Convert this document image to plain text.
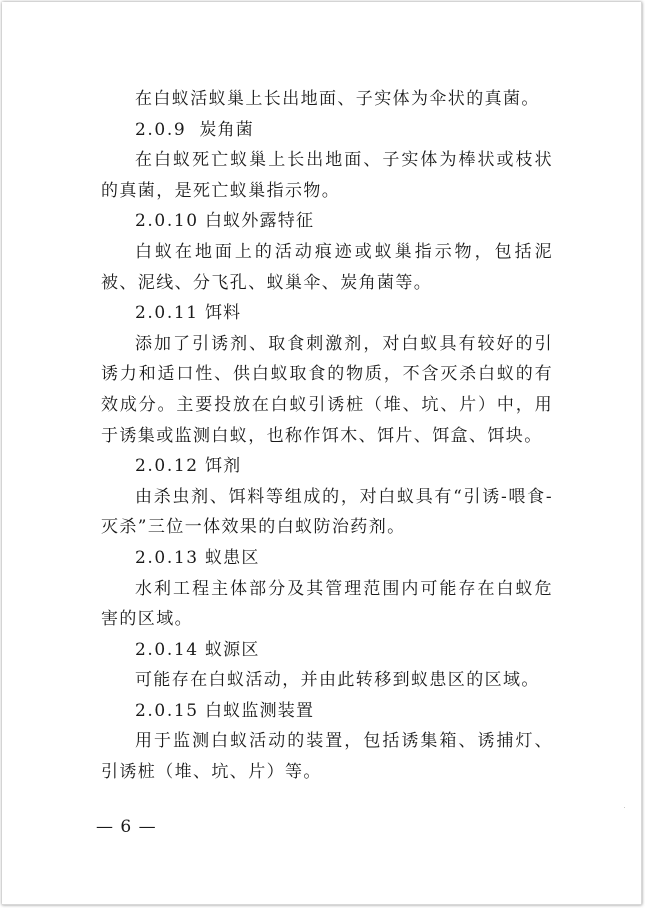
在白蚁活蚁巢上长出地面、子实体为伞状的真菌。
2.0.9 炭角菌
在白蚁死亡蚁巢上长出地面、子实体为棒状或枝状的真菌，是死亡蚁巢指示物。
2.0.10 白蚁外露特征
白蚁在地面上的活动痕迹或蚁巢指示物，包括泥被、泥线、分飞孔、蚁巢伞、炭角菌等。
2.0.11 饵料
添加了引诱剂、取食刺激剂，对白蚁具有较好的引诱力和适口性、供白蚁取食的物质，不含灭杀白蚁的有效成分。主要投放在白蚁引诱桩（堆、坑、片）中，用于诱集或监测白蚁，也称作饵木、饵片、饵盒、饵块。
2.0.12 饵剂
由杀虫剂、饵料等组成的，对白蚁具有“引诱-喂食-灭杀”三位一体效果的白蚁防治药剂。
2.0.13 蚁患区
水利工程主体部分及其管理范围内可能存在白蚁危害的区域。
2.0.14 蚁源区
可能存在白蚁活动，并由此转移到蚁患区的区域。
2.0.15 白蚁监测装置
用于监测白蚁活动的装置，包括诱集箱、诱捕灯、引诱桩（堆、坑、片）等。
— 6 —
